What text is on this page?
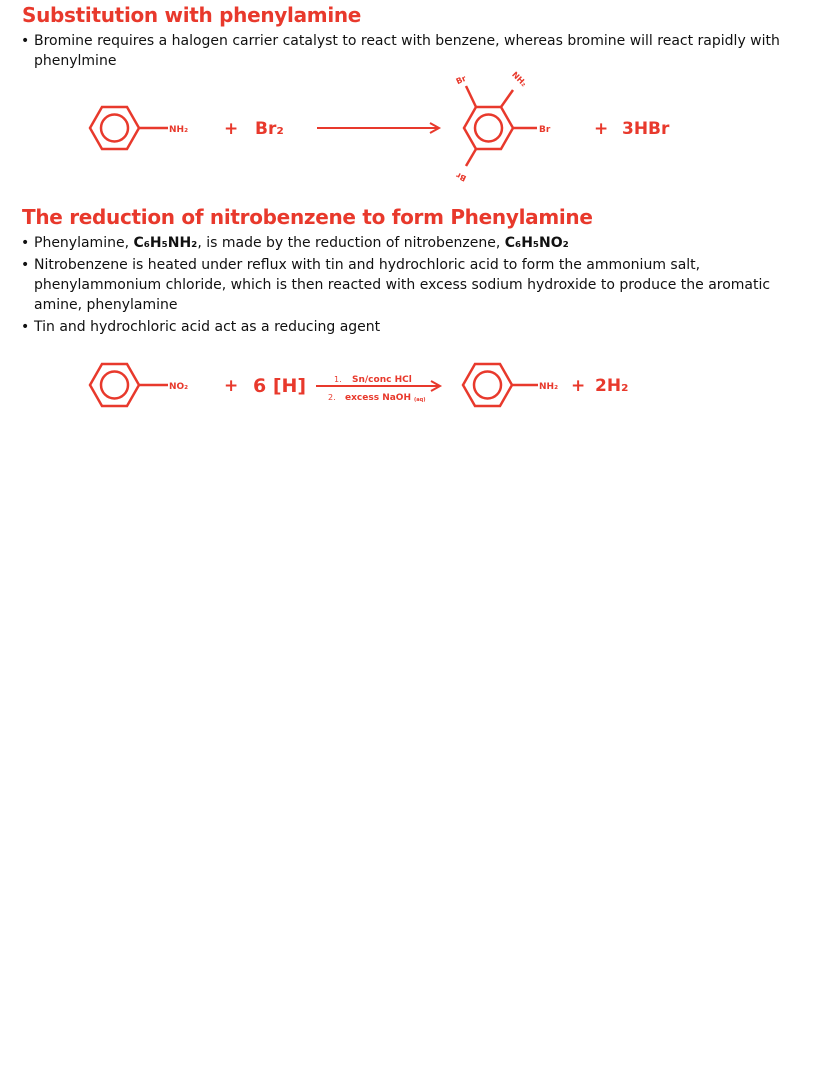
Substitution with phenylamine
• Bromine requires a halogen carrier catalyst to react with benzene, whereas bromine will react rapidly with phenylmine
NH₂ + Br₂
Br	NH₂
Br
Br
+ 3HBr
The reduction of nitrobenzene to form Phenylamine
• Phenylamine, C₆H₅NH₂, is made by the reduction of nitrobenzene, C₆H₅NO₂
• Nitrobenzene is heated under reflux with tin and hydrochloric acid to form the ammonium salt, phenylammonium chloride, which is then reacted with excess sodium hydroxide to produce the aromatic amine, phenylamine
• Tin and hydrochloric acid act as a reducing agent
NO₂ + 6 [H]	1. Sn/conc HCl
2. excess NaOH (aq)
NH₂ + 2H₂
